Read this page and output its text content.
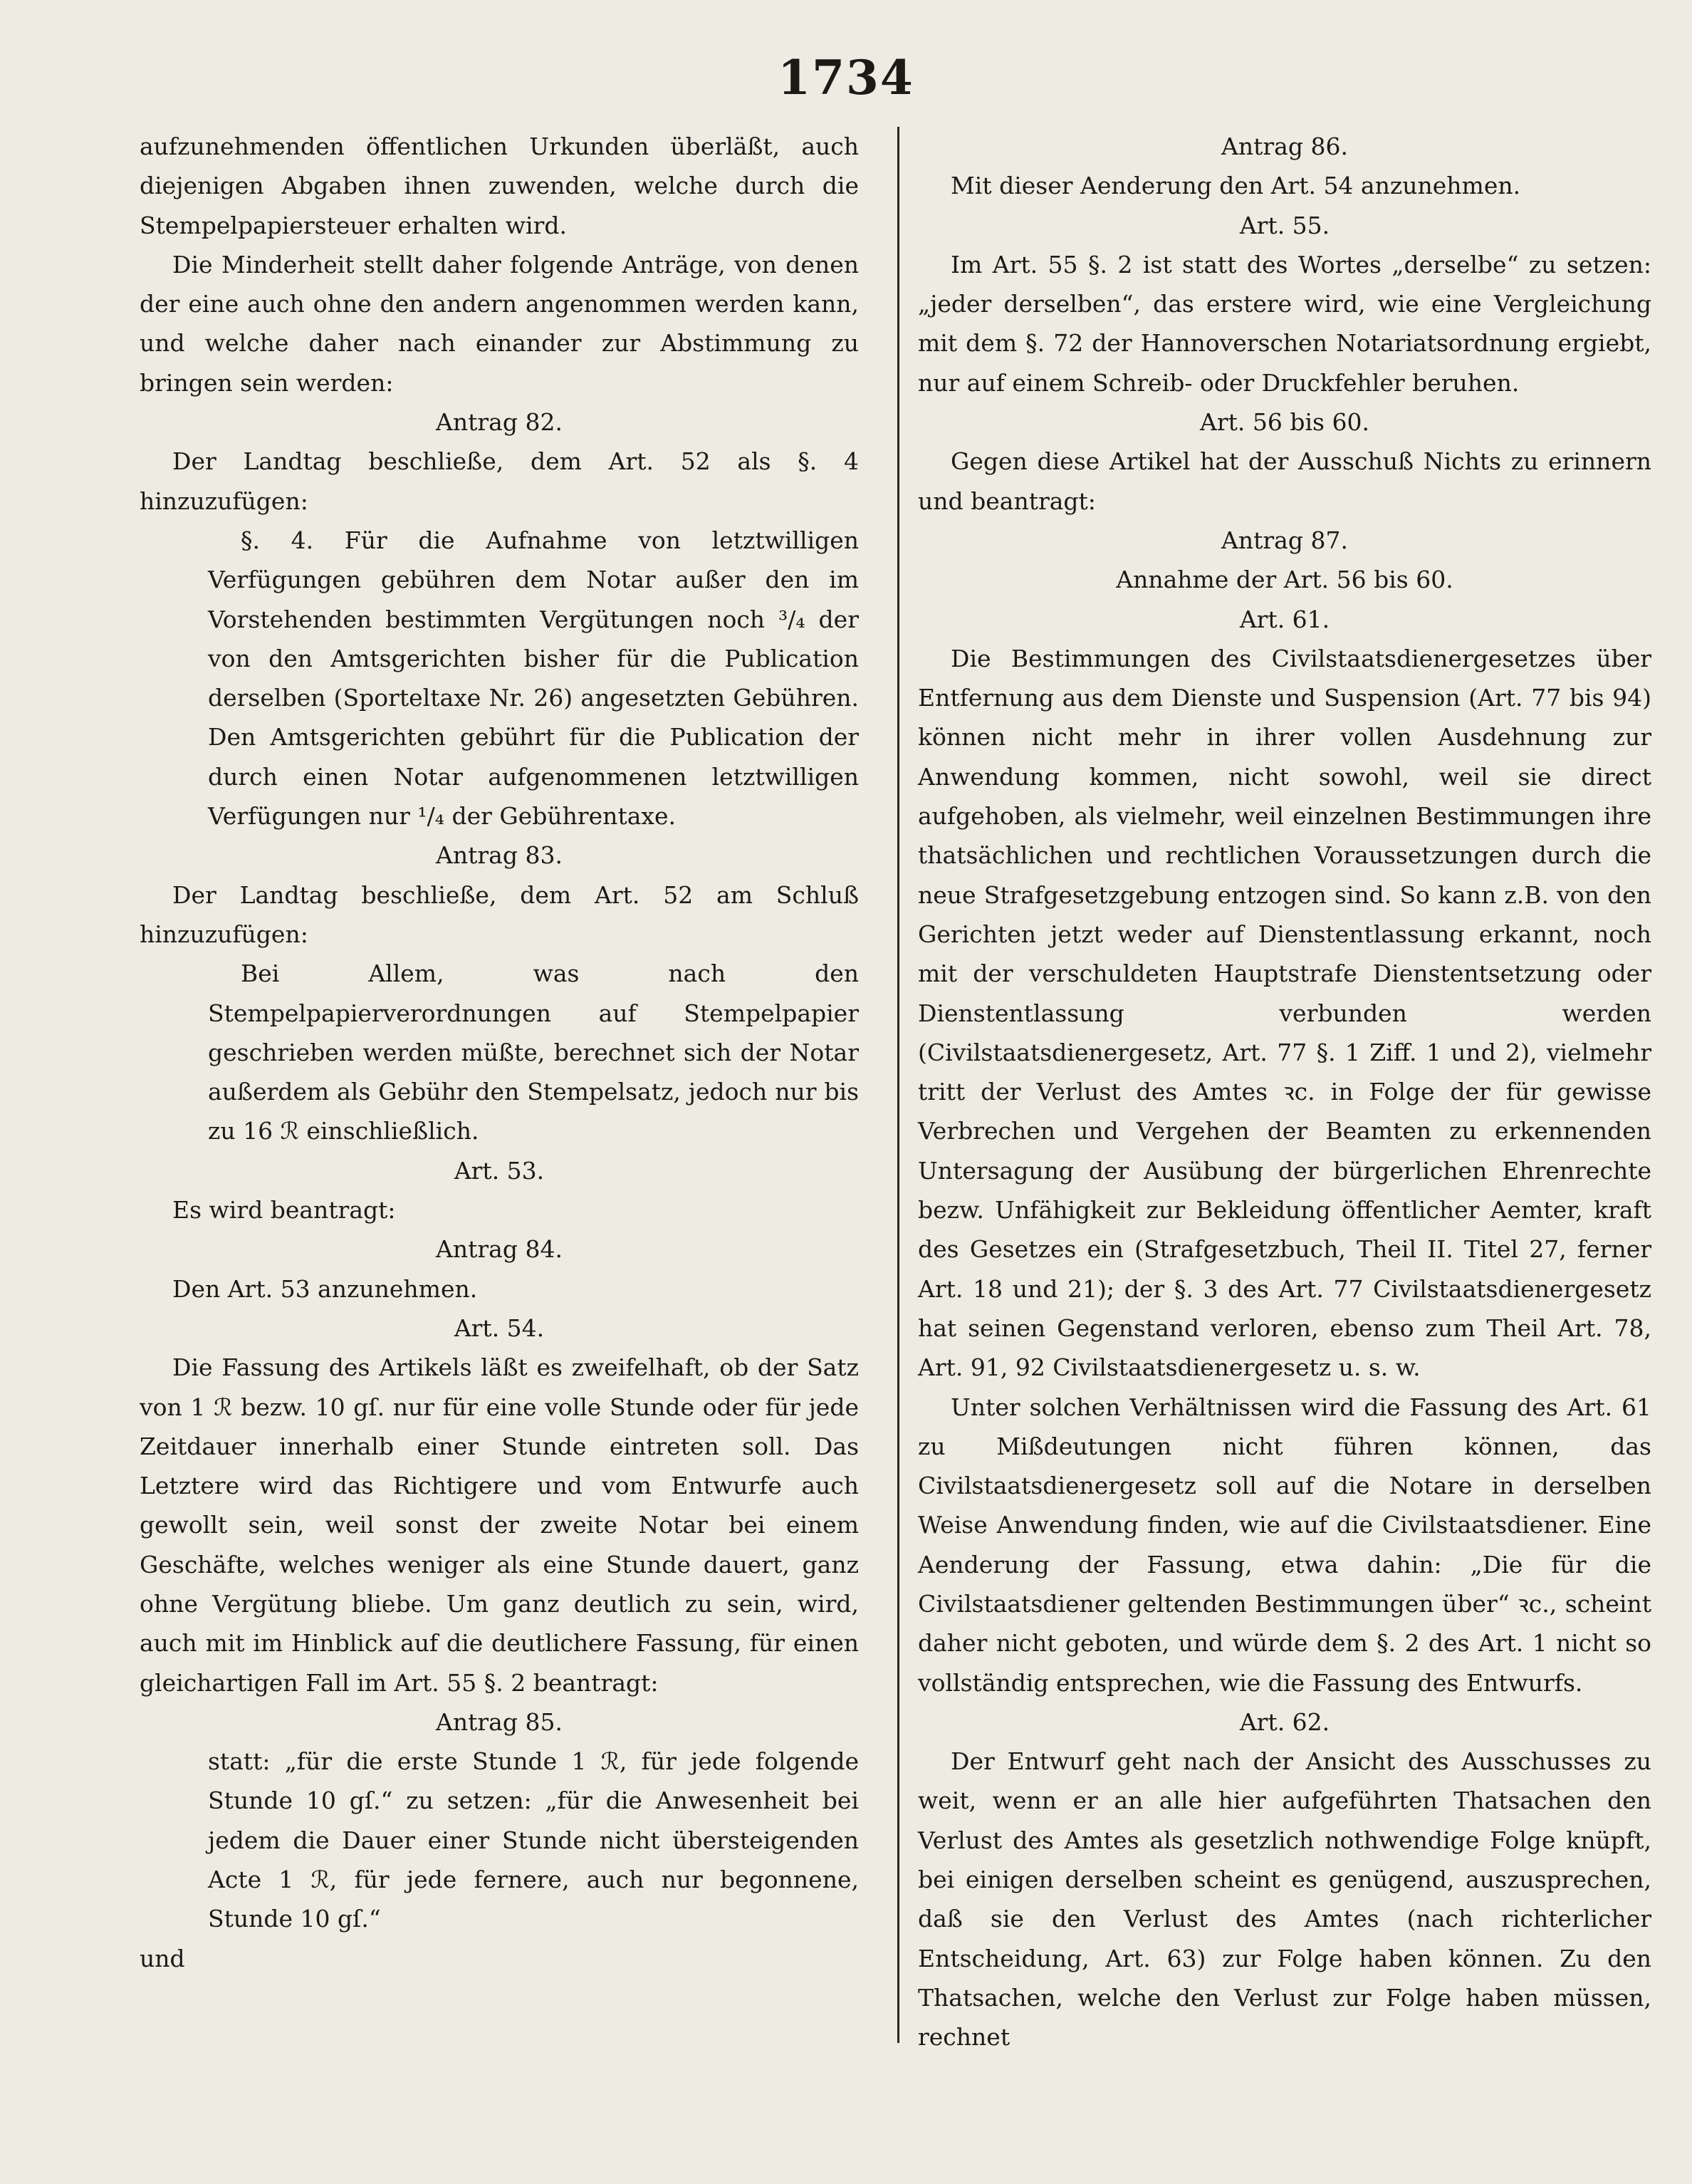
1734

aufzunehmenden öffentlichen Urkunden überläßt, auch diejenigen Abgaben ihnen zuwenden, welche durch die Stempelpapiersteuer erhalten wird.

Die Minderheit stellt daher folgende Anträge, von denen der eine auch ohne den andern angenommen werden kann, und welche daher nach einander zur Abstimmung zu bringen sein werden:

Antrag 82.

Der Landtag beschließe, dem Art. 52 als §. 4 hinzuzufügen:

§. 4. Für die Aufnahme von letztwilligen Verfügungen gebühren dem Notar außer den im Vorstehenden bestimmten Vergütungen noch ³/₄ der von den Amtsgerichten bisher für die Publication derselben (Sporteltaxe Nr. 26) angesetzten Gebühren. Den Amtsgerichten gebührt für die Publication der durch einen Notar aufgenommenen letztwilligen Verfügungen nur ¹/₄ der Gebührentaxe.

Antrag 83.

Der Landtag beschließe, dem Art. 52 am Schluß hinzuzufügen:

Bei Allem, was nach den Stempelpapierverordnungen auf Stempelpapier geschrieben werden müßte, berechnet sich der Notar außerdem als Gebühr den Stempelsatz, jedoch nur bis zu 16 ℛ einschließlich.

Art. 53.

Es wird beantragt:

Antrag 84.

Den Art. 53 anzunehmen.

Art. 54.

Die Fassung des Artikels läßt es zweifelhaft, ob der Satz von 1 ℛ bezw. 10 gſ. nur für eine volle Stunde oder für jede Zeitdauer innerhalb einer Stunde eintreten soll. Das Letztere wird das Richtigere und vom Entwurfe auch gewollt sein, weil sonst der zweite Notar bei einem Geschäfte, welches weniger als eine Stunde dauert, ganz ohne Vergütung bliebe. Um ganz deutlich zu sein, wird, auch mit im Hinblick auf die deutlichere Fassung, für einen gleichartigen Fall im Art. 55 §. 2 beantragt:

Antrag 85.

statt: „für die erste Stunde 1 ℛ, für jede folgende Stunde 10 gſ.“ zu setzen: „für die Anwesenheit bei jedem die Dauer einer Stunde nicht übersteigenden Acte 1 ℛ, für jede fernere, auch nur begonnene, Stunde 10 gſ.“

und

Antrag 86.

Mit dieser Aenderung den Art. 54 anzunehmen.

Art. 55.

Im Art. 55 §. 2 ist statt des Wortes „derselbe“ zu setzen: „jeder derselben“, das erstere wird, wie eine Vergleichung mit dem §. 72 der Hannoverschen Notariatsordnung ergiebt, nur auf einem Schreib- oder Druckfehler beruhen.

Art. 56 bis 60.

Gegen diese Artikel hat der Ausschuß Nichts zu erinnern und beantragt:

Antrag 87.

Annahme der Art. 56 bis 60.

Art. 61.

Die Bestimmungen des Civilstaatsdienergesetzes über Entfernung aus dem Dienste und Suspension (Art. 77 bis 94) können nicht mehr in ihrer vollen Ausdehnung zur Anwendung kommen, nicht sowohl, weil sie direct aufgehoben, als vielmehr, weil einzelnen Bestimmungen ihre thatsächlichen und rechtlichen Voraussetzungen durch die neue Strafgesetzgebung entzogen sind. So kann z.B. von den Gerichten jetzt weder auf Dienstentlassung erkannt, noch mit der verschuldeten Hauptstrafe Dienstentsetzung oder Dienstentlassung verbunden werden (Civilstaatsdienergesetz, Art. 77 §. 1 Ziff. 1 und 2), vielmehr tritt der Verlust des Amtes ꝛc. in Folge der für gewisse Verbrechen und Vergehen der Beamten zu erkennenden Untersagung der Ausübung der bürgerlichen Ehrenrechte bezw. Unfähigkeit zur Bekleidung öffentlicher Aemter, kraft des Gesetzes ein (Strafgesetzbuch, Theil II. Titel 27, ferner Art. 18 und 21); der §. 3 des Art. 77 Civilstaatsdienergesetz hat seinen Gegenstand verloren, ebenso zum Theil Art. 78, Art. 91, 92 Civilstaatsdienergesetz u. s. w.

Unter solchen Verhältnissen wird die Fassung des Art. 61 zu Mißdeutungen nicht führen können, das Civilstaatsdienergesetz soll auf die Notare in derselben Weise Anwendung finden, wie auf die Civilstaatsdiener. Eine Aenderung der Fassung, etwa dahin: „Die für die Civilstaatsdiener geltenden Bestimmungen über“ ꝛc., scheint daher nicht geboten, und würde dem §. 2 des Art. 1 nicht so vollständig entsprechen, wie die Fassung des Entwurfs.

Art. 62.

Der Entwurf geht nach der Ansicht des Ausschusses zu weit, wenn er an alle hier aufgeführten Thatsachen den Verlust des Amtes als gesetzlich nothwendige Folge knüpft, bei einigen derselben scheint es genügend, auszusprechen, daß sie den Verlust des Amtes (nach richterlicher Entscheidung, Art. 63) zur Folge haben können. Zu den Thatsachen, welche den Verlust zur Folge haben müssen, rechnet
